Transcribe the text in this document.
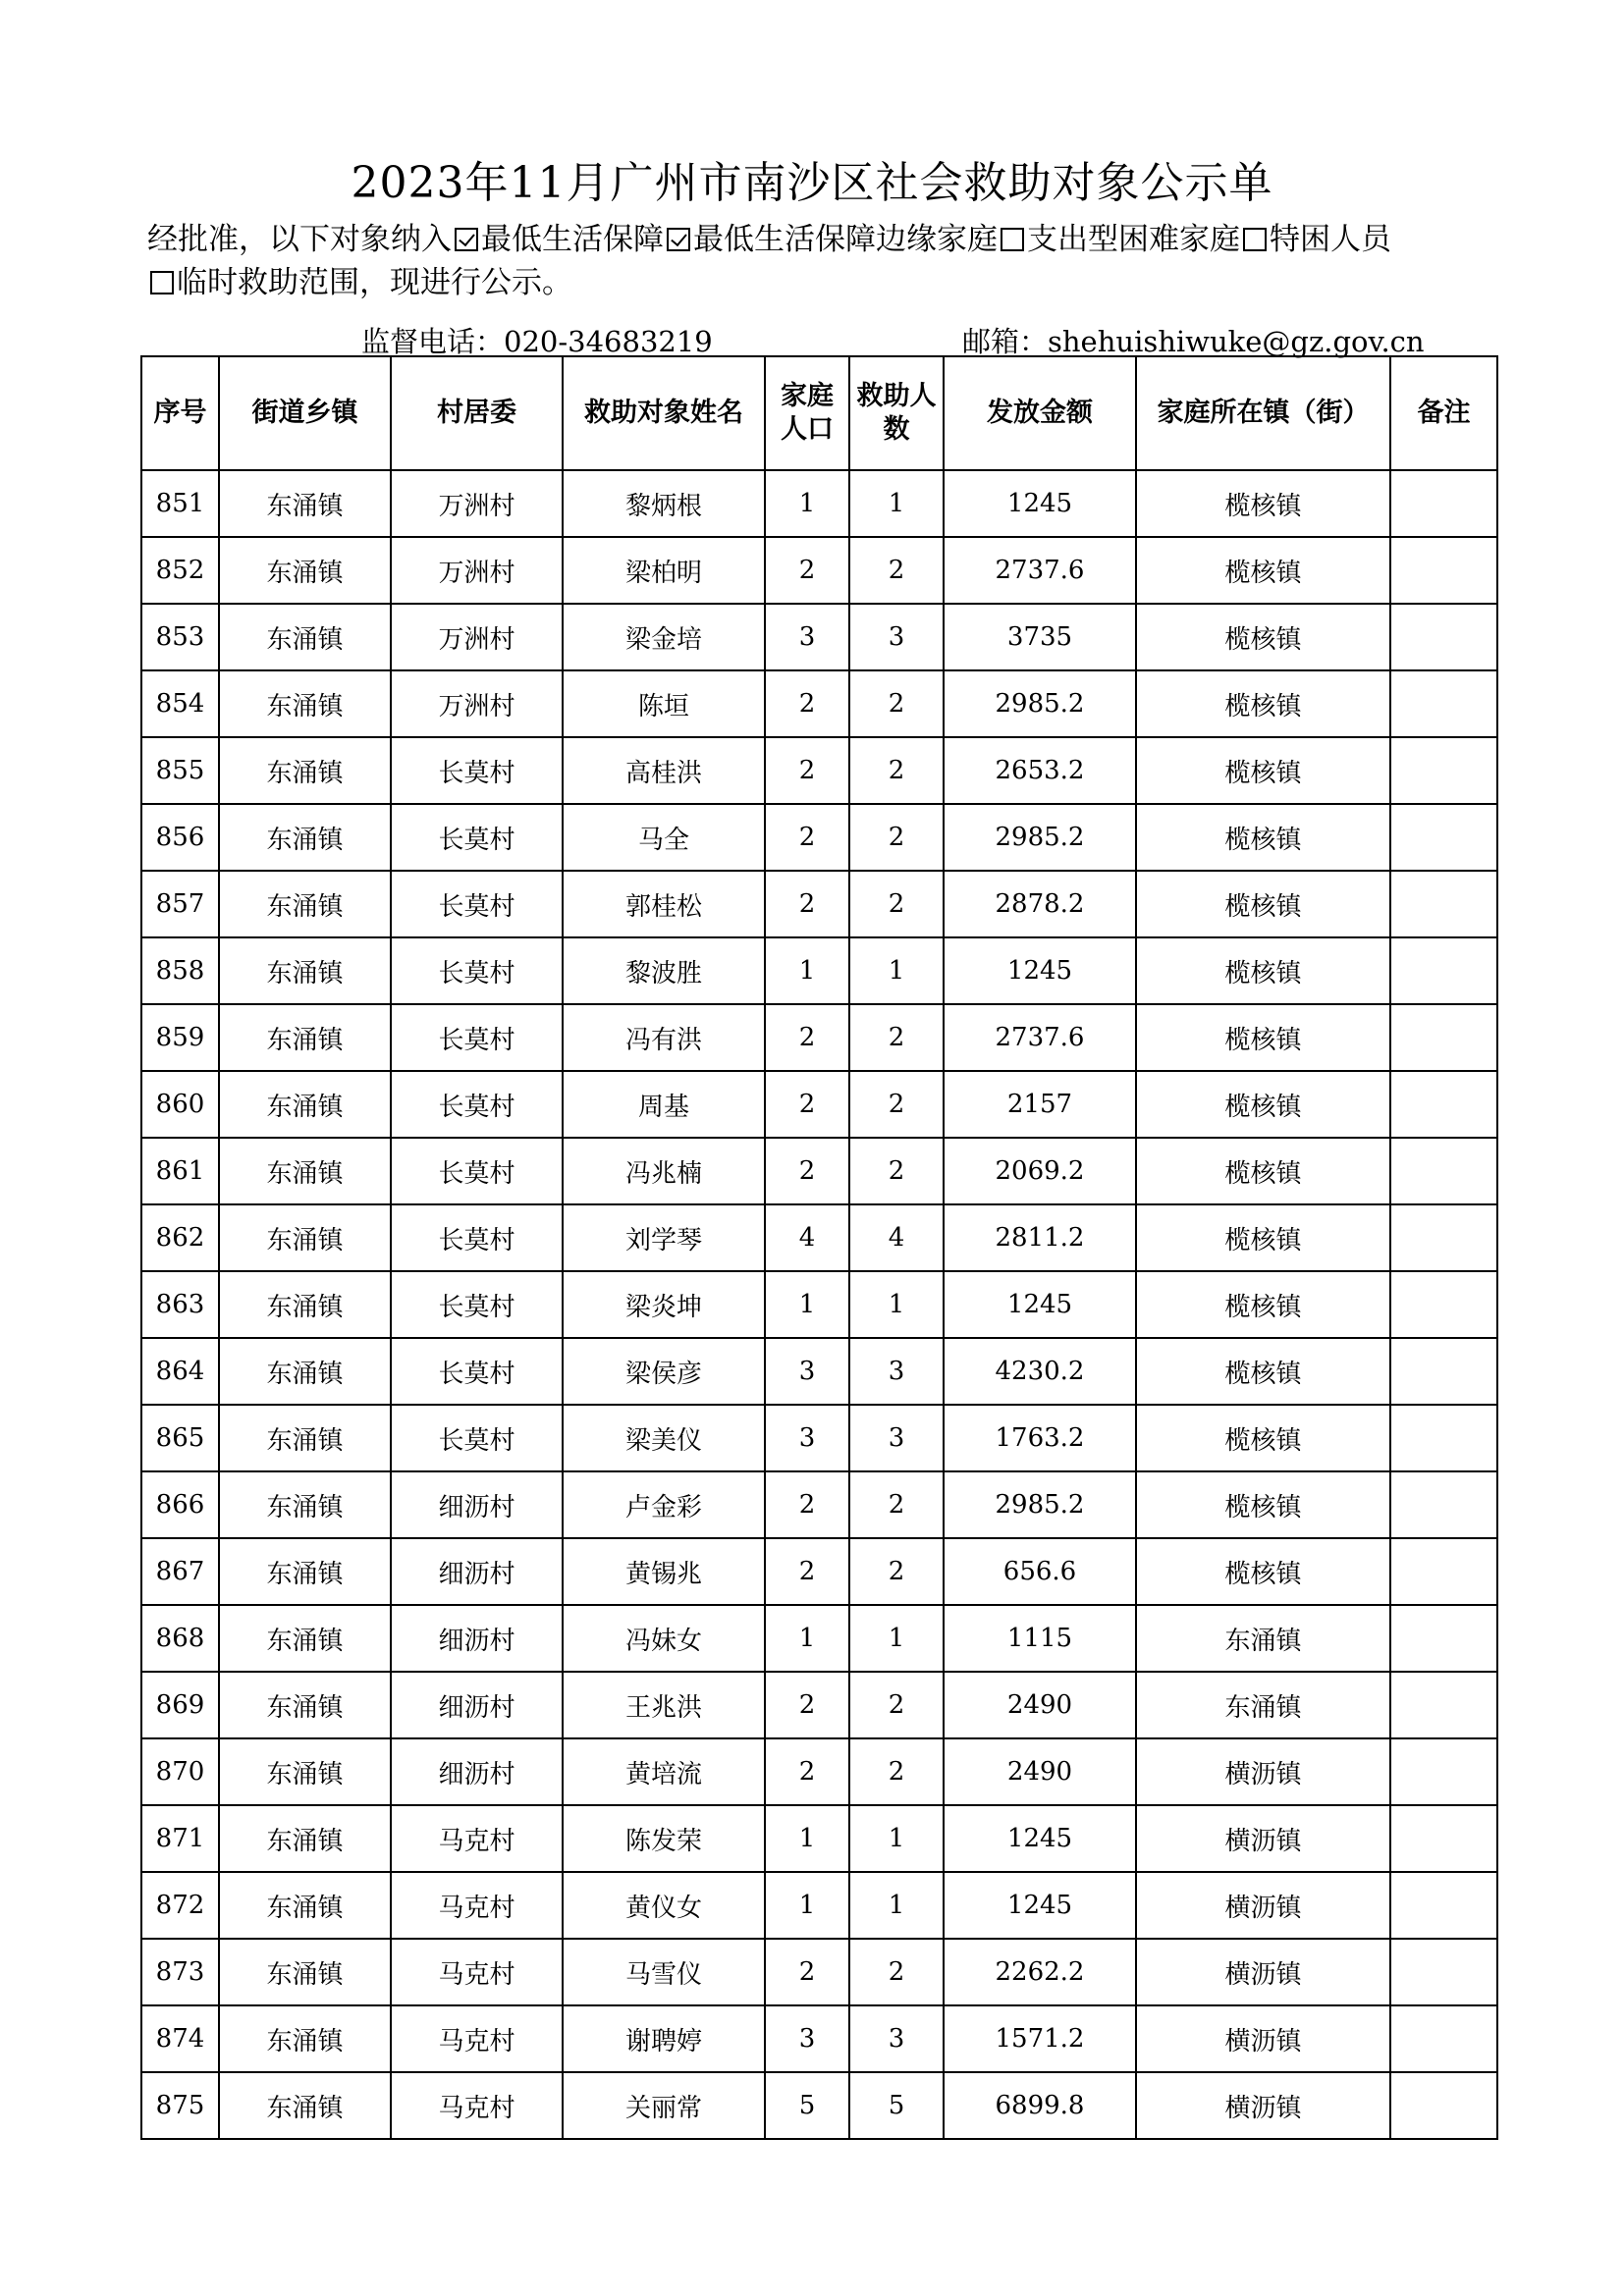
2023年11月广州市南沙区社会救助对象公示单
经批准，以下对象纳入 最低生活保障 最低生活保障边缘家庭 支出型困难家庭 特困人员
临时救助范围，现进行公示。
监督电话：020-34683219	邮箱：shehuishiwuke@gz.gov.cn
序号	街道乡镇	村居委	救助对象姓名	家庭人口	救助人数	发放金额	家庭所在镇（街）	备注
851	东涌镇	万洲村	黎炳根	1	1	1245	榄核镇	
852	东涌镇	万洲村	梁柏明	2	2	2737.6	榄核镇	
853	东涌镇	万洲村	梁金培	3	3	3735	榄核镇	
854	东涌镇	万洲村	陈垣	2	2	2985.2	榄核镇	
855	东涌镇	长莫村	高桂洪	2	2	2653.2	榄核镇	
856	东涌镇	长莫村	马全	2	2	2985.2	榄核镇	
857	东涌镇	长莫村	郭桂松	2	2	2878.2	榄核镇	
858	东涌镇	长莫村	黎波胜	1	1	1245	榄核镇	
859	东涌镇	长莫村	冯有洪	2	2	2737.6	榄核镇	
860	东涌镇	长莫村	周基	2	2	2157	榄核镇	
861	东涌镇	长莫村	冯兆楠	2	2	2069.2	榄核镇	
862	东涌镇	长莫村	刘学琴	4	4	2811.2	榄核镇	
863	东涌镇	长莫村	梁炎坤	1	1	1245	榄核镇	
864	东涌镇	长莫村	梁侯彦	3	3	4230.2	榄核镇	
865	东涌镇	长莫村	梁美仪	3	3	1763.2	榄核镇	
866	东涌镇	细沥村	卢金彩	2	2	2985.2	榄核镇	
867	东涌镇	细沥村	黄锡兆	2	2	656.6	榄核镇	
868	东涌镇	细沥村	冯妹女	1	1	1115	东涌镇	
869	东涌镇	细沥村	王兆洪	2	2	2490	东涌镇	
870	东涌镇	细沥村	黄培流	2	2	2490	横沥镇	
871	东涌镇	马克村	陈发荣	1	1	1245	横沥镇	
872	东涌镇	马克村	黄仪女	1	1	1245	横沥镇	
873	东涌镇	马克村	马雪仪	2	2	2262.2	横沥镇	
874	东涌镇	马克村	谢聘婷	3	3	1571.2	横沥镇	
875	东涌镇	马克村	关丽常	5	5	6899.8	横沥镇	
